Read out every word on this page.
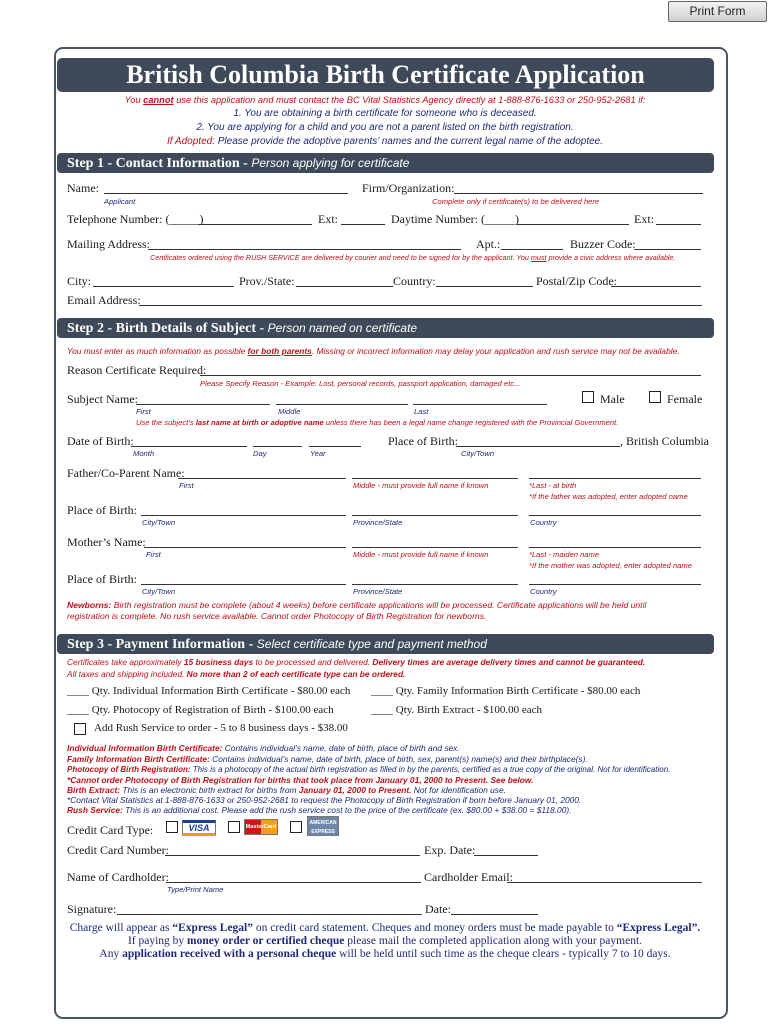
Print Form
British Columbia Birth Certificate Application
You cannot use this application and must contact the BC Vital Statistics Agency directly at 1-888-876-1633 or 250-952-2681 if:
1. You are obtaining a birth certificate for someone who is deceased.
2. You are applying for a child and you are not a parent listed on the birth registration.
If Adopted: Please provide the adoptive parents’ names and the current legal name of the adoptee.
Step 1 - Contact Information - Person applying for certificate
Name:
Applicant
Firm/Organization:
Complete only if certificate(s) to be delivered here
Telephone Number: (_____)	Ext:	Daytime Number: (_____)	Ext:
Mailing Address:	Apt.:	Buzzer Code:
Certificates ordered using the RUSH SERVICE are delivered by courier and need to be signed for by the applicant. You must provide a civic address where available.
City:	Prov./State:	Country:	Postal/Zip Code:
Email Address:
Step 2 - Birth Details of Subject - Person named on certificate
You must enter as much information as possible for both parents. Missing or incorrect information may delay your application and rush service may not be available.
Reason Certificate Required:
Please Specify Reason - Example: Lost, personal records, passport application, damaged etc...
Subject Name:	Male	Female
First	Middle	Last
Use the subject’s last name at birth or adoptive name unless there has been a legal name change registered with the Provincial Government.
Date of Birth:
Month	Day	Year
Place of Birth:	, British Columbia
City/Town
Father/Co-Parent Name:
First	Middle - must provide full name if known	*Last - at birth
*If the father was adopted, enter adopted name
Place of Birth:
City/Town	Province/State	Country
Mother’s Name:
First	Middle - must provide full name if known	*Last - maiden name
*If the mother was adopted, enter adopted name
Place of Birth:
City/Town	Province/State	Country
Newborns: Birth registration must be complete (about 4 weeks) before certificate applications will be processed. Certificate applications will be held until
registration is complete. No rush service available. Cannot order Photocopy of Birth Registration for newborns.
Step 3 - Payment Information - Select certificate type and payment method
Certificates take approximately 15 business days to be processed and delivered. Delivery times are average delivery times and cannot be guaranteed.
All taxes and shipping included. No more than 2 of each certificate type can be ordered.
____ Qty. Individual Information Birth Certificate - $80.00 each ____ Qty. Family Information Birth Certificate - $80.00 each
____ Qty. Photocopy of Registration of Birth - $100.00 each	____ Qty. Birth Extract - $100.00 each
Add Rush Service to order - 5 to 8 business days - $38.00
Individual Information Birth Certificate: Contains individual’s name, date of birth, place of birth and sex.
Family Information Birth Certificate: Contains individual’s name, date of birth, place of birth, sex, parent(s) name(s) and their birthplace(s).
Photocopy of Birth Registration: This is a photocopy of the actual birth registration as filled in by the parents, certified as a true copy of the original. Not for identification.
*Cannot order Photocopy of Birth Registration for births that took place from January 01, 2000 to Present. See below.
Birth Extract: This is an electronic birth extract for births from January 01, 2000 to Present. Not for identification use.
*Contact Vital Statistics at 1-888-876-1633 or 250-952-2681 to request the Photocopy of Birth Registration if born before January 01, 2000.
Rush Service: This is an additional cost. Please add the rush service cost to the price of the certificate (ex. $80.00 + $38.00 = $118.00).
Credit Card Type:	VISA	MasterCard
AMERICAN EXPRESS
Credit Card Number:	Exp. Date:
Name of Cardholder:
Type/Print Name
Cardholder Email:
Signature:	Date:
Charge will appear as “Express Legal” on credit card statement. Cheques and money orders must be made payable to “Express Legal”.
If paying by money order or certified cheque please mail the completed application along with your payment.
Any application received with a personal cheque will be held until such time as the cheque clears - typically 7 to 10 days.
